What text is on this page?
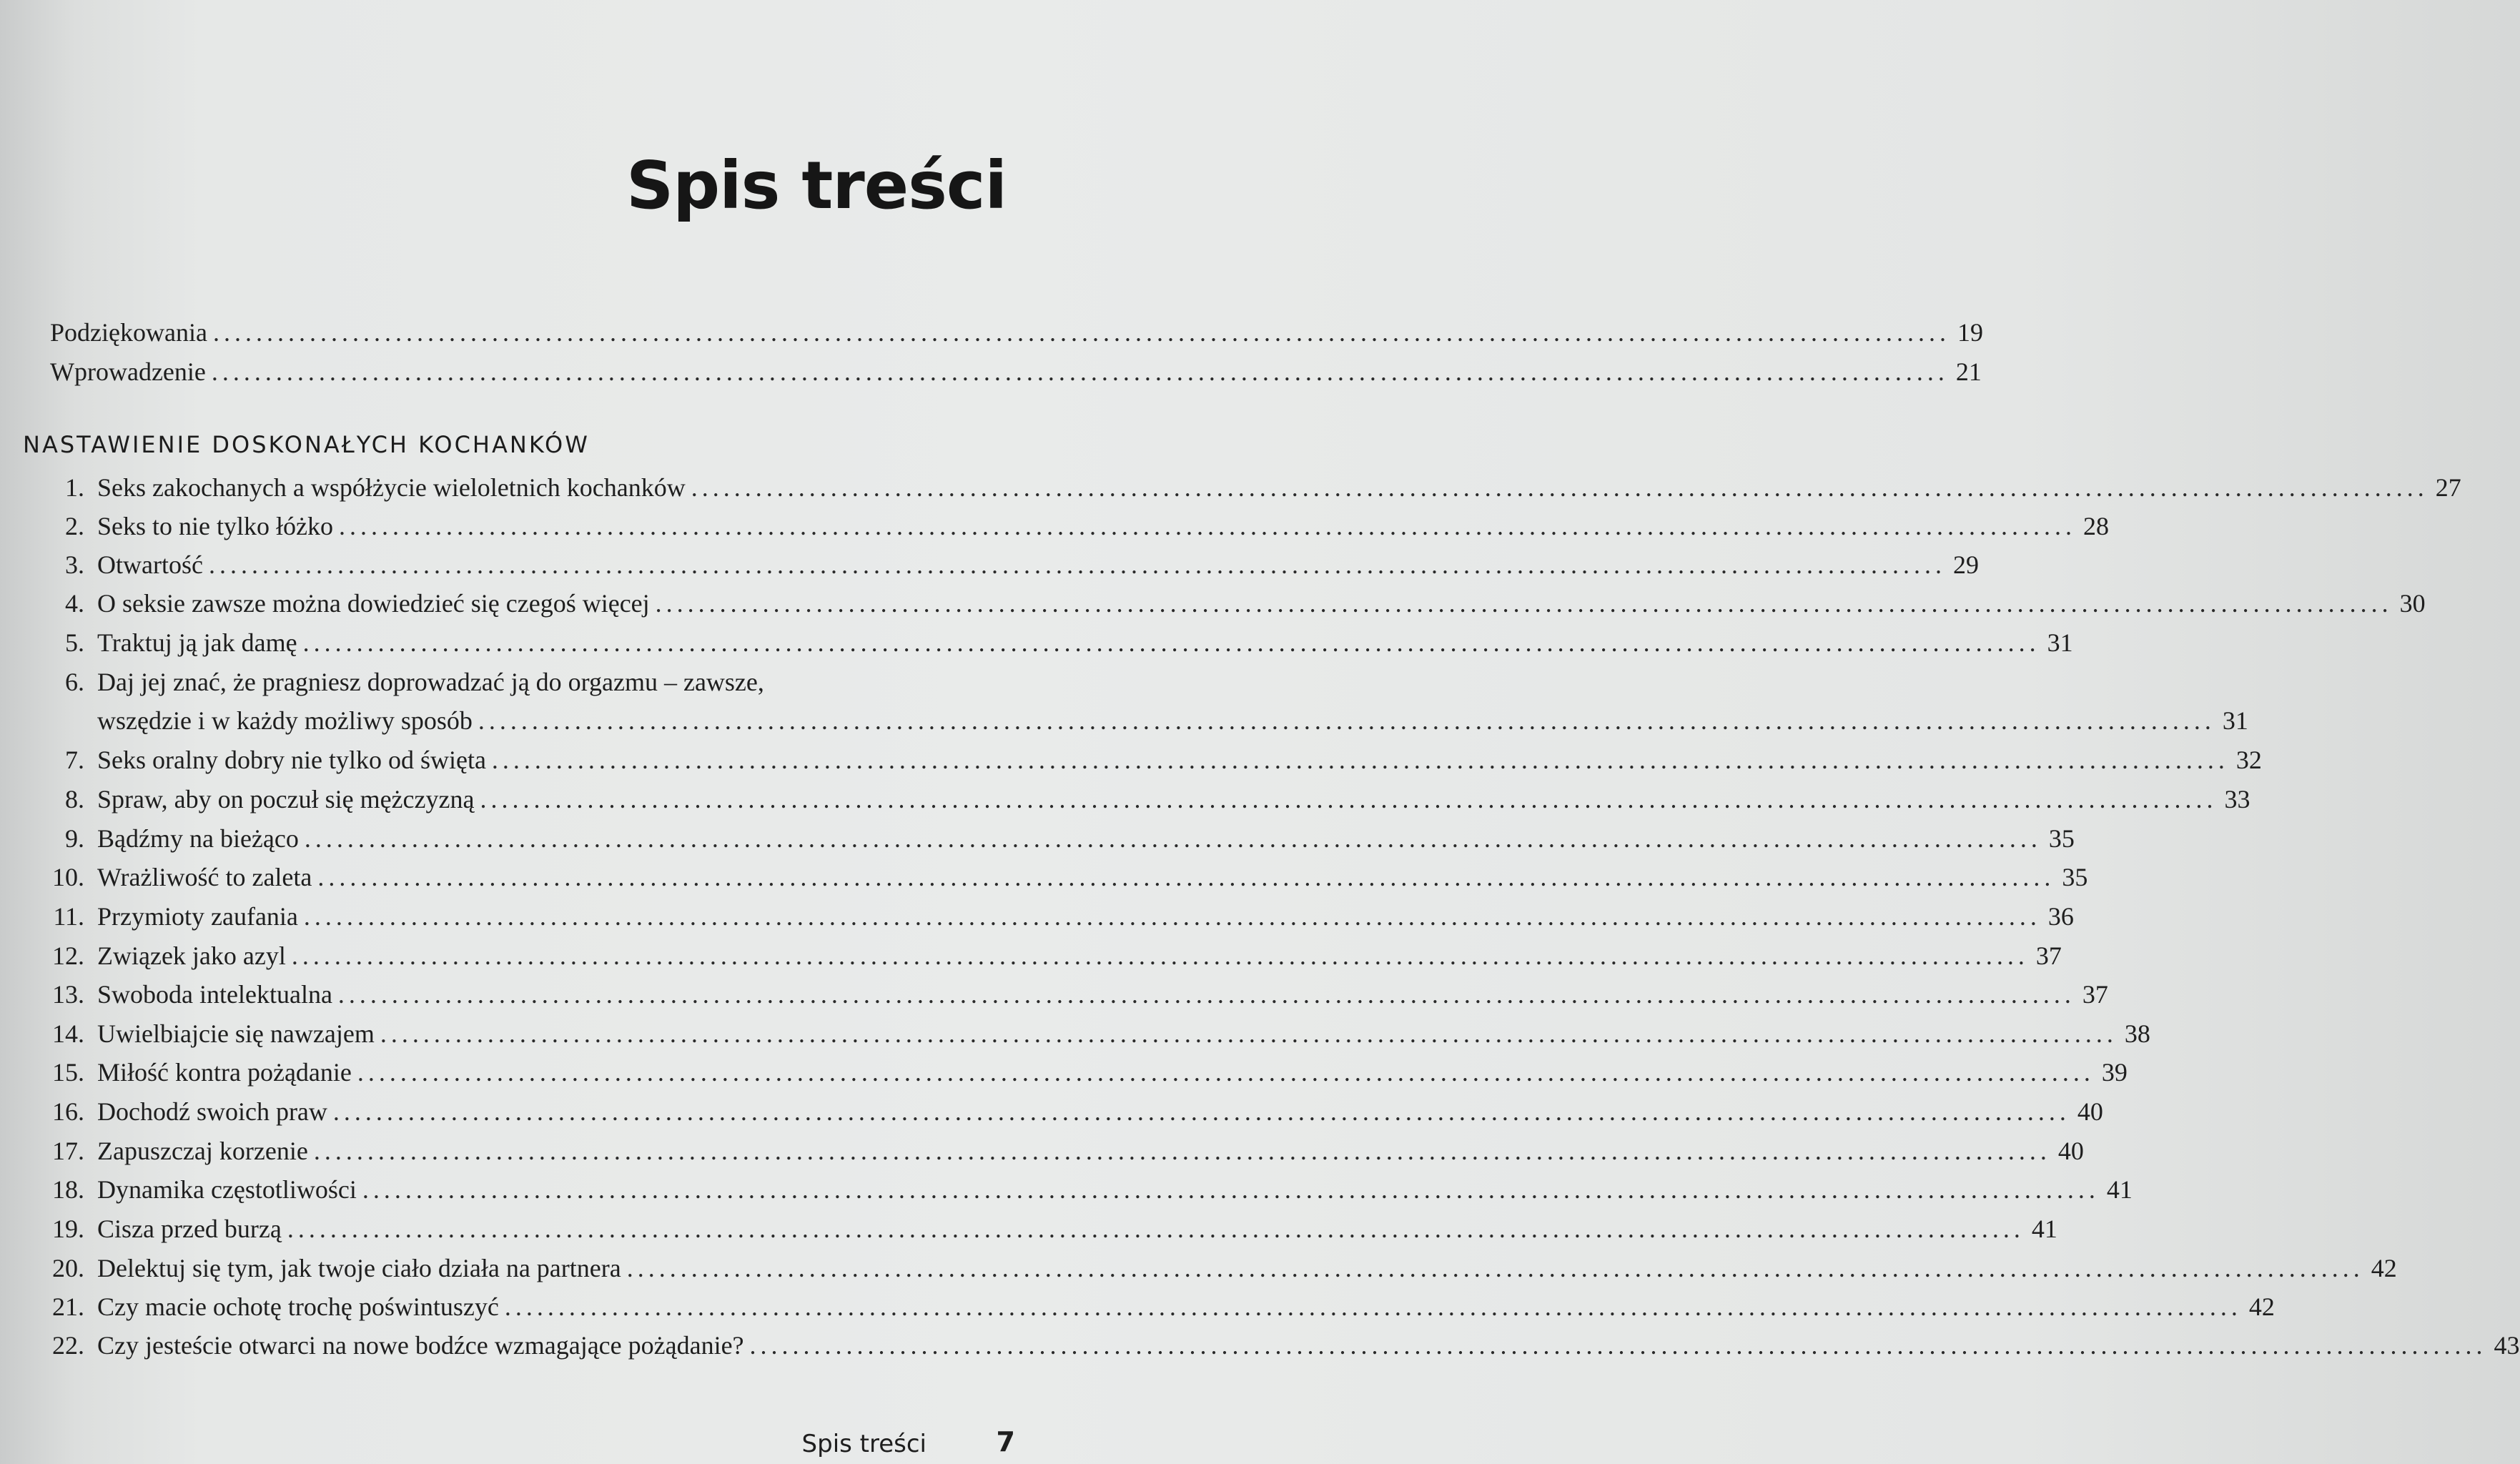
Spis treści
Podziękowania .................................................................................................................................................................. 19
Wprowadzenie .................................................................................................................................................................. 21
NASTAWIENIE DOSKONAŁYCH KOCHANKÓW
1. Seks zakochanych a współżycie wieloletnich kochanków .................................................................................................................................................................. 27
2. Seks to nie tylko łóżko .................................................................................................................................................................. 28
3. Otwartość .................................................................................................................................................................. 29
4. O seksie zawsze można dowiedzieć się czegoś więcej .................................................................................................................................................................. 30
5. Traktuj ją jak damę .................................................................................................................................................................. 31
6. Daj jej znać, że pragniesz doprowadzać ją do orgazmu – zawsze,
wszędzie i w każdy możliwy sposób .................................................................................................................................................................. 31
7. Seks oralny dobry nie tylko od święta .................................................................................................................................................................. 32
8. Spraw, aby on poczuł się mężczyzną .................................................................................................................................................................. 33
9. Bądźmy na bieżąco .................................................................................................................................................................. 35
10. Wrażliwość to zaleta .................................................................................................................................................................. 35
11. Przymioty zaufania .................................................................................................................................................................. 36
12. Związek jako azyl .................................................................................................................................................................. 37
13. Swoboda intelektualna .................................................................................................................................................................. 37
14. Uwielbiajcie się nawzajem .................................................................................................................................................................. 38
15. Miłość kontra pożądanie .................................................................................................................................................................. 39
16. Dochodź swoich praw .................................................................................................................................................................. 40
17. Zapuszczaj korzenie .................................................................................................................................................................. 40
18. Dynamika częstotliwości .................................................................................................................................................................. 41
19. Cisza przed burzą .................................................................................................................................................................. 41
20. Delektuj się tym, jak twoje ciało działa na partnera .................................................................................................................................................................. 42
21. Czy macie ochotę trochę poświntuszyć .................................................................................................................................................................. 42
22. Czy jesteście otwarci na nowe bodźce wzmagające pożądanie? .................................................................................................................................................................. 43
Spis treści	7
